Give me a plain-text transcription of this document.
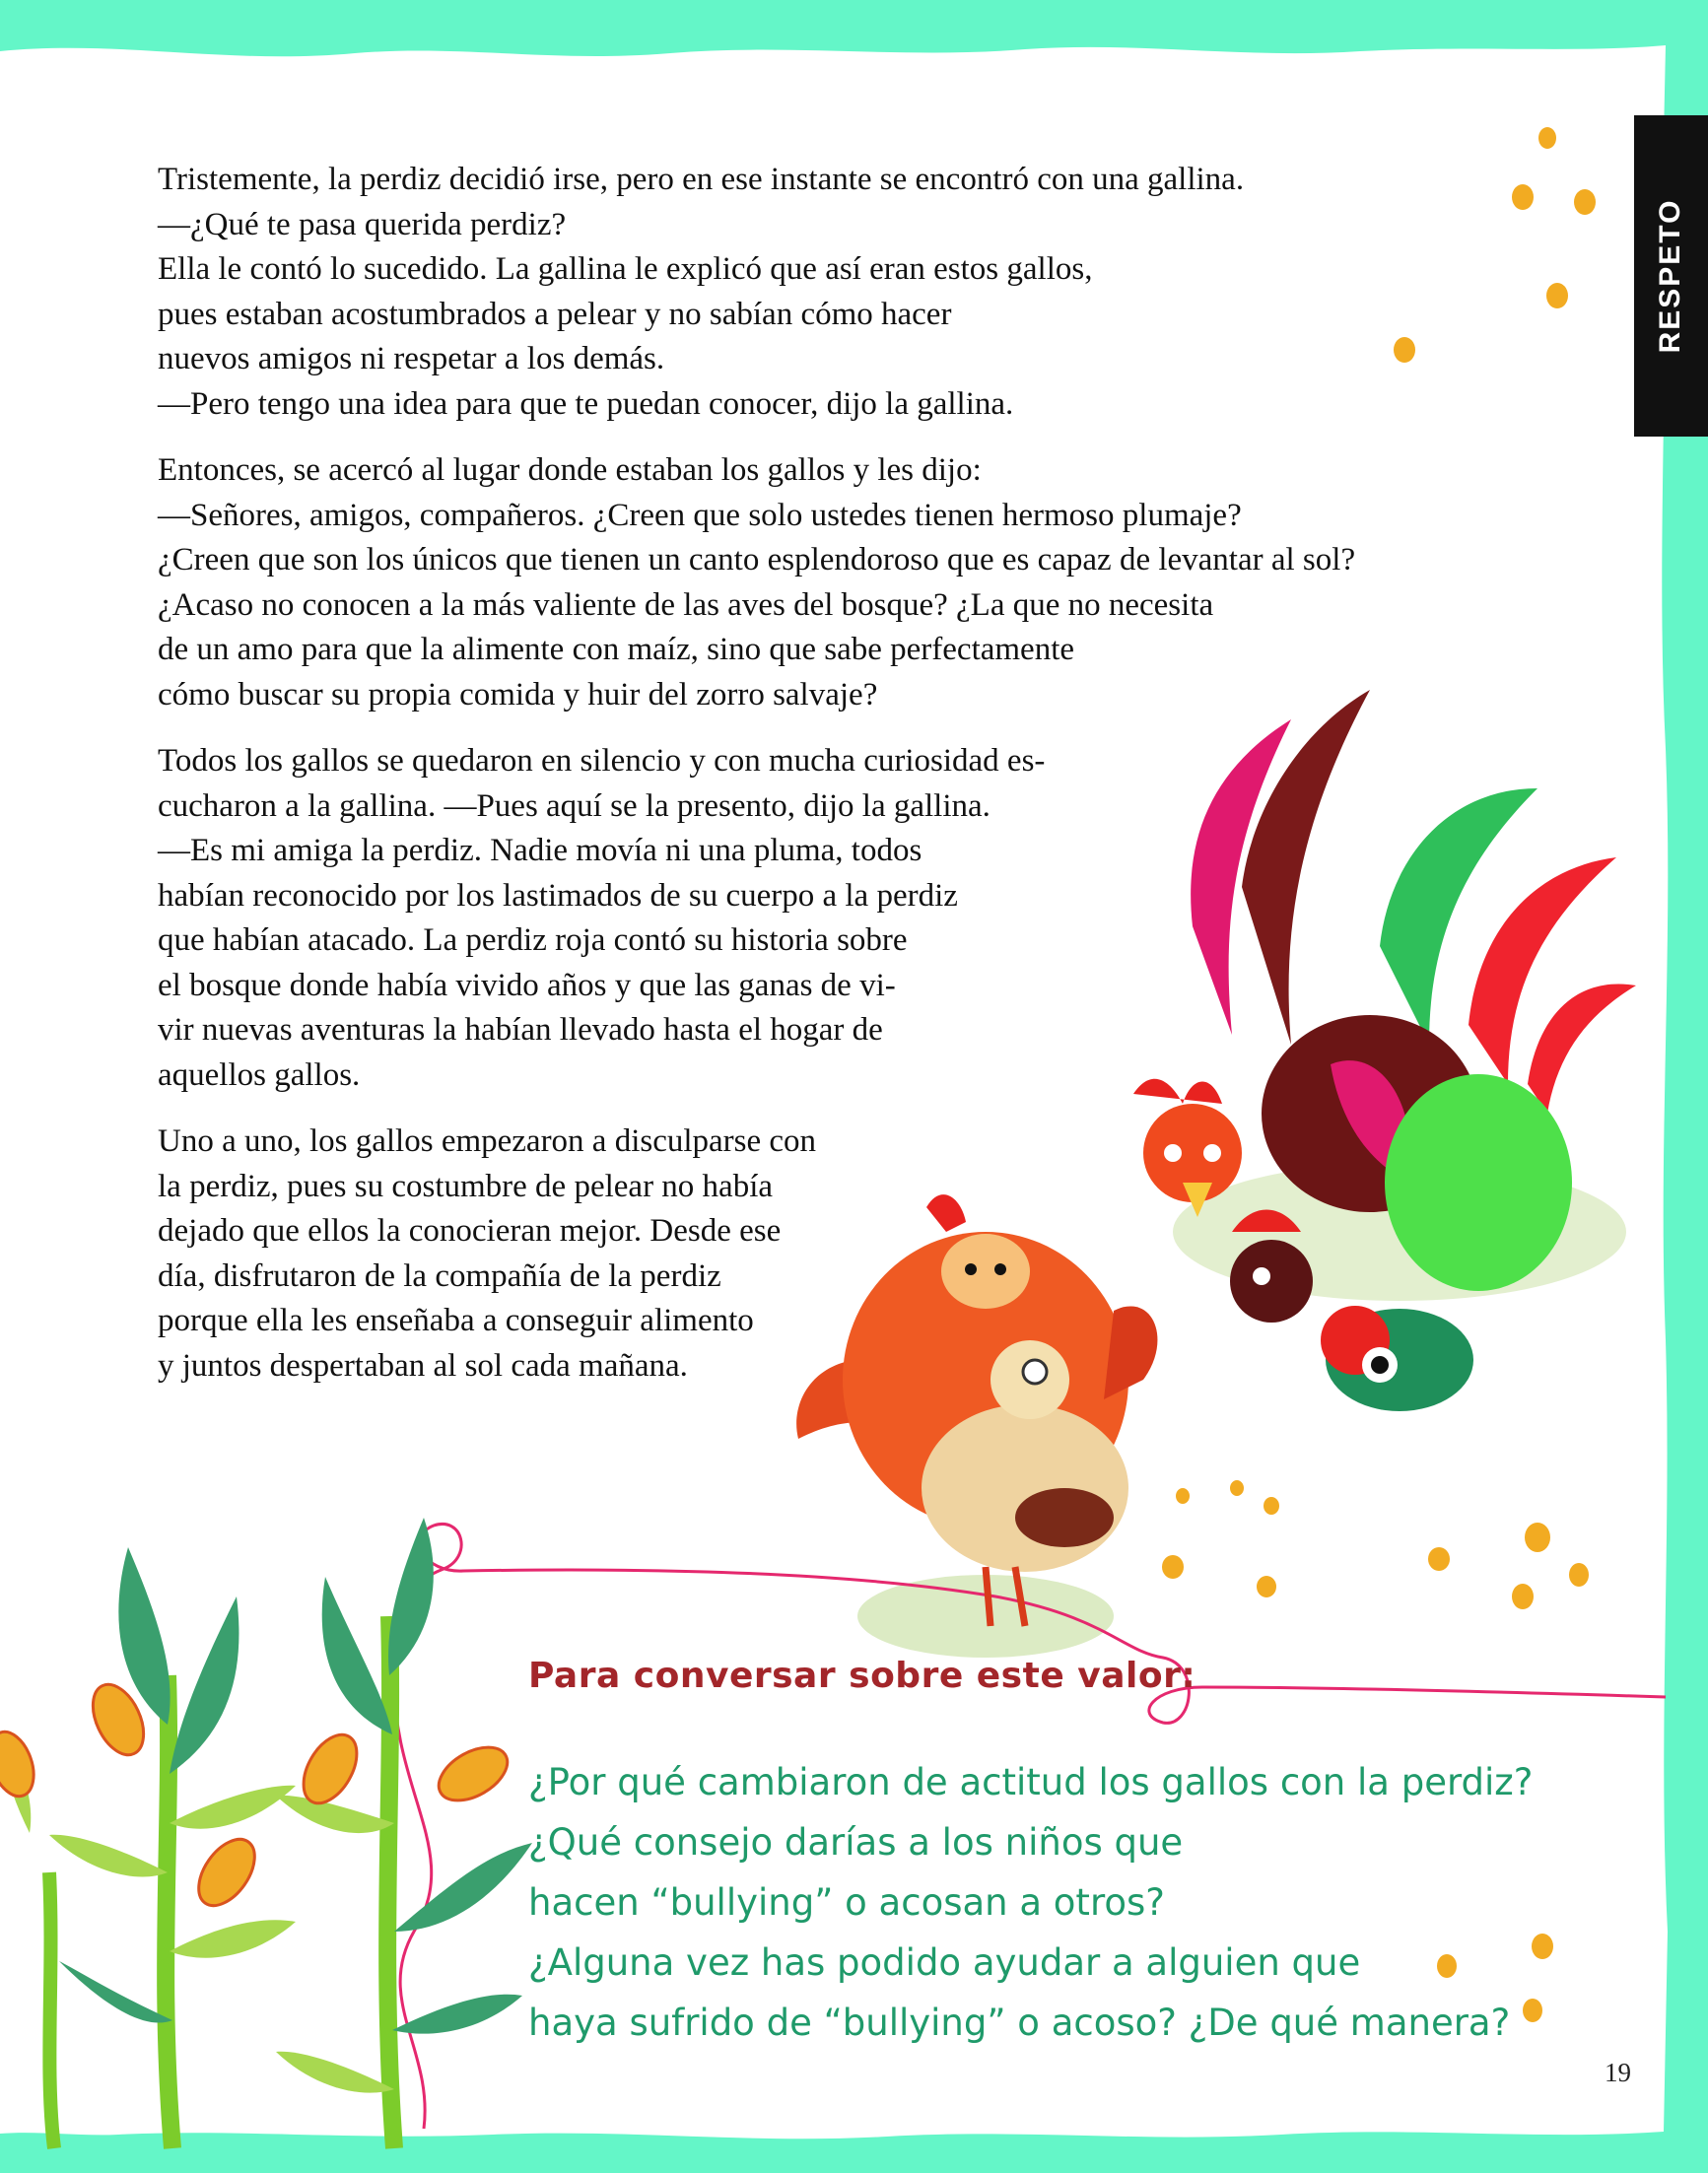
RESPETO

Tristemente, la perdiz decidió irse, pero en ese instante se encontró con una gallina.
—¿Qué te pasa querida perdiz?
Ella le contó lo sucedido. La gallina le explicó que así eran estos gallos,
pues estaban acostumbrados a pelear y no sabían cómo hacer
nuevos amigos ni respetar a los demás.
—Pero tengo una idea para que te puedan conocer, dijo la gallina.

Entonces, se acercó al lugar donde estaban los gallos y les dijo:
—Señores, amigos, compañeros. ¿Creen que solo ustedes tienen hermoso plumaje?
¿Creen que son los únicos que tienen un canto esplendoroso que es capaz de levantar al sol?
¿Acaso no conocen a la más valiente de las aves del bosque? ¿La que no necesita
de un amo para que la alimente con maíz, sino que sabe perfectamente
cómo buscar su propia comida y huir del zorro salvaje?

Todos los gallos se quedaron en silencio y con mucha curiosidad es-
cucharon a la gallina. —Pues aquí se la presento, dijo la gallina.
—Es mi amiga la perdiz. Nadie movía ni una pluma, todos
habían reconocido por los lastimados de su cuerpo a la perdiz
que habían atacado. La perdiz roja contó su historia sobre
el bosque donde había vivido años y que las ganas de vi-
vir nuevas aventuras la habían llevado hasta el hogar de
aquellos gallos.

Uno a uno, los gallos empezaron a disculparse con
la perdiz, pues su costumbre de pelear no había
dejado que ellos la conocieran mejor. Desde ese
día, disfrutaron de la compañía de la perdiz
porque ella les enseñaba a conseguir alimento
y juntos despertaban al sol cada mañana.

Para conversar sobre este valor:
¿Por qué cambiaron de actitud los gallos con la perdiz?
¿Qué consejo darías a los niños que
hacen “bullying” o acosan a otros?
¿Alguna vez has podido ayudar a alguien que
haya sufrido de “bullying” o acoso? ¿De qué manera?
19
